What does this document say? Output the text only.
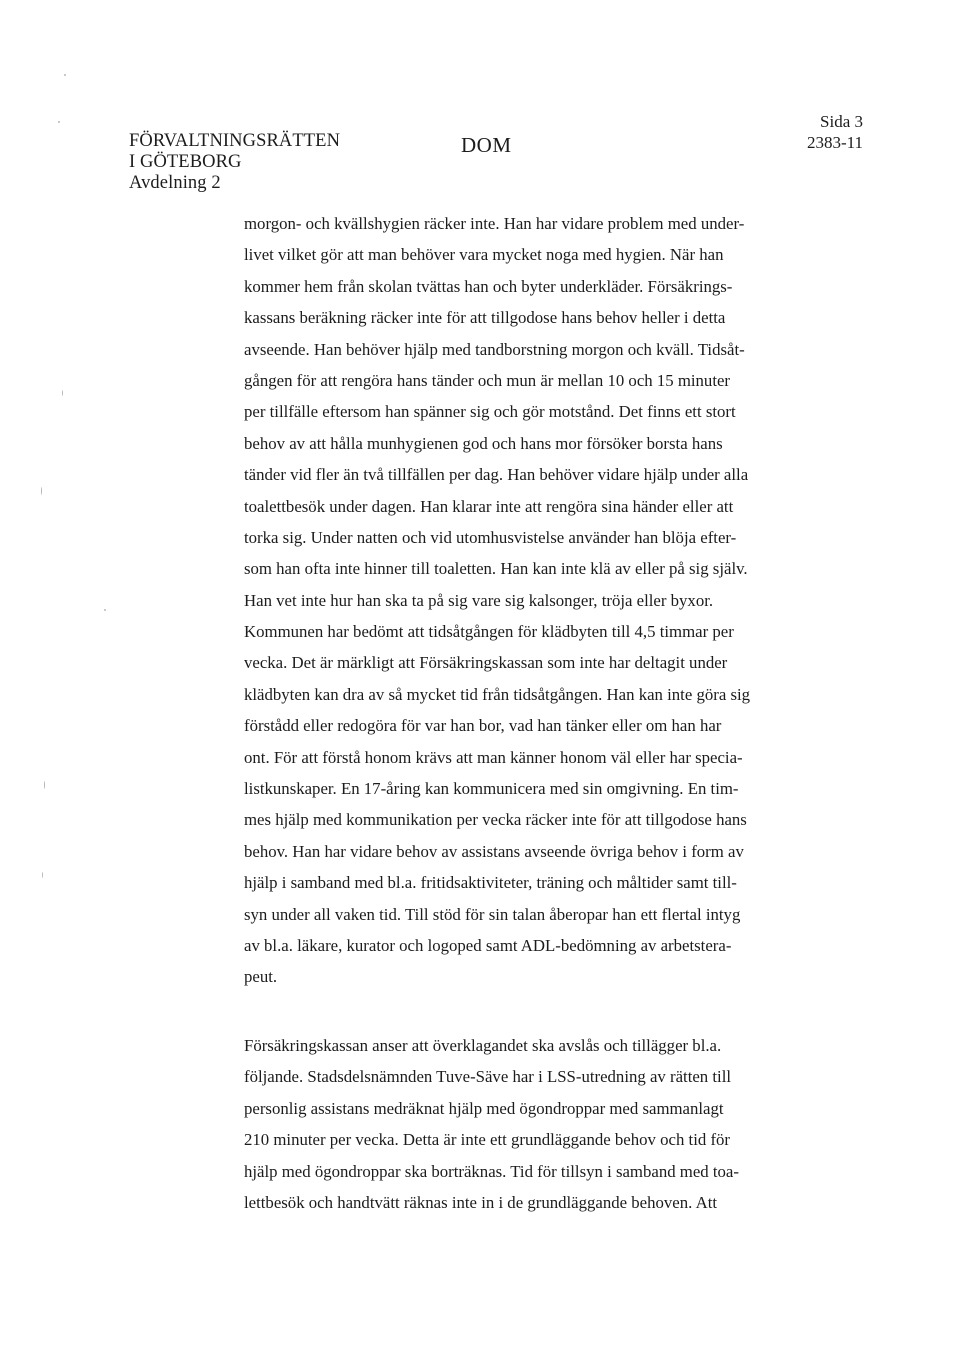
FÖRVALTNINGSRÄTTEN
I GÖTEBORG
Avdelning 2
DOM
Sida 3
2383-11
morgon- och kvällshygien räcker inte. Han har vidare problem med under-
livet vilket gör att man behöver vara mycket noga med hygien. När han
kommer hem från skolan tvättas han och byter underkläder. Försäkrings-
kassans beräkning räcker inte för att tillgodose hans behov heller i detta
avseende. Han behöver hjälp med tandborstning morgon och kväll. Tidsåt-
gången för att rengöra hans tänder och mun är mellan 10 och 15 minuter
per tillfälle eftersom han spänner sig och gör motstånd. Det finns ett stort
behov av att hålla munhygienen god och hans mor försöker borsta hans
tänder vid fler än två tillfällen per dag. Han behöver vidare hjälp under alla
toalettbesök under dagen. Han klarar inte att rengöra sina händer eller att
torka sig. Under natten och vid utomhusvistelse använder han blöja efter-
som han ofta inte hinner till toaletten. Han kan inte klä av eller på sig själv.
Han vet inte hur han ska ta på sig vare sig kalsonger, tröja eller byxor.
Kommunen har bedömt att tidsåtgången för klädbyten till 4,5 timmar per
vecka. Det är märkligt att Försäkringskassan som inte har deltagit under
klädbyten kan dra av så mycket tid från tidsåtgången. Han kan inte göra sig
förstådd eller redogöra för var han bor, vad han tänker eller om han har
ont. För att förstå honom krävs att man känner honom väl eller har specia-
listkunskaper. En 17-åring kan kommunicera med sin omgivning. En tim-
mes hjälp med kommunikation per vecka räcker inte för att tillgodose hans
behov. Han har vidare behov av assistans avseende övriga behov i form av
hjälp i samband med bl.a. fritidsaktiviteter, träning och måltider samt till-
syn under all vaken tid. Till stöd för sin talan åberopar han ett flertal intyg
av bl.a. läkare, kurator och logoped samt ADL-bedömning av arbetstera-
peut.
Försäkringskassan anser att överklagandet ska avslås och tillägger bl.a.
följande. Stadsdelsnämnden Tuve-Säve har i LSS-utredning av rätten till
personlig assistans medräknat hjälp med ögondroppar med sammanlagt
210 minuter per vecka. Detta är inte ett grundläggande behov och tid för
hjälp med ögondroppar ska borträknas. Tid för tillsyn i samband med toa-
lettbesök och handtvätt räknas inte in i de grundläggande behoven. Att
